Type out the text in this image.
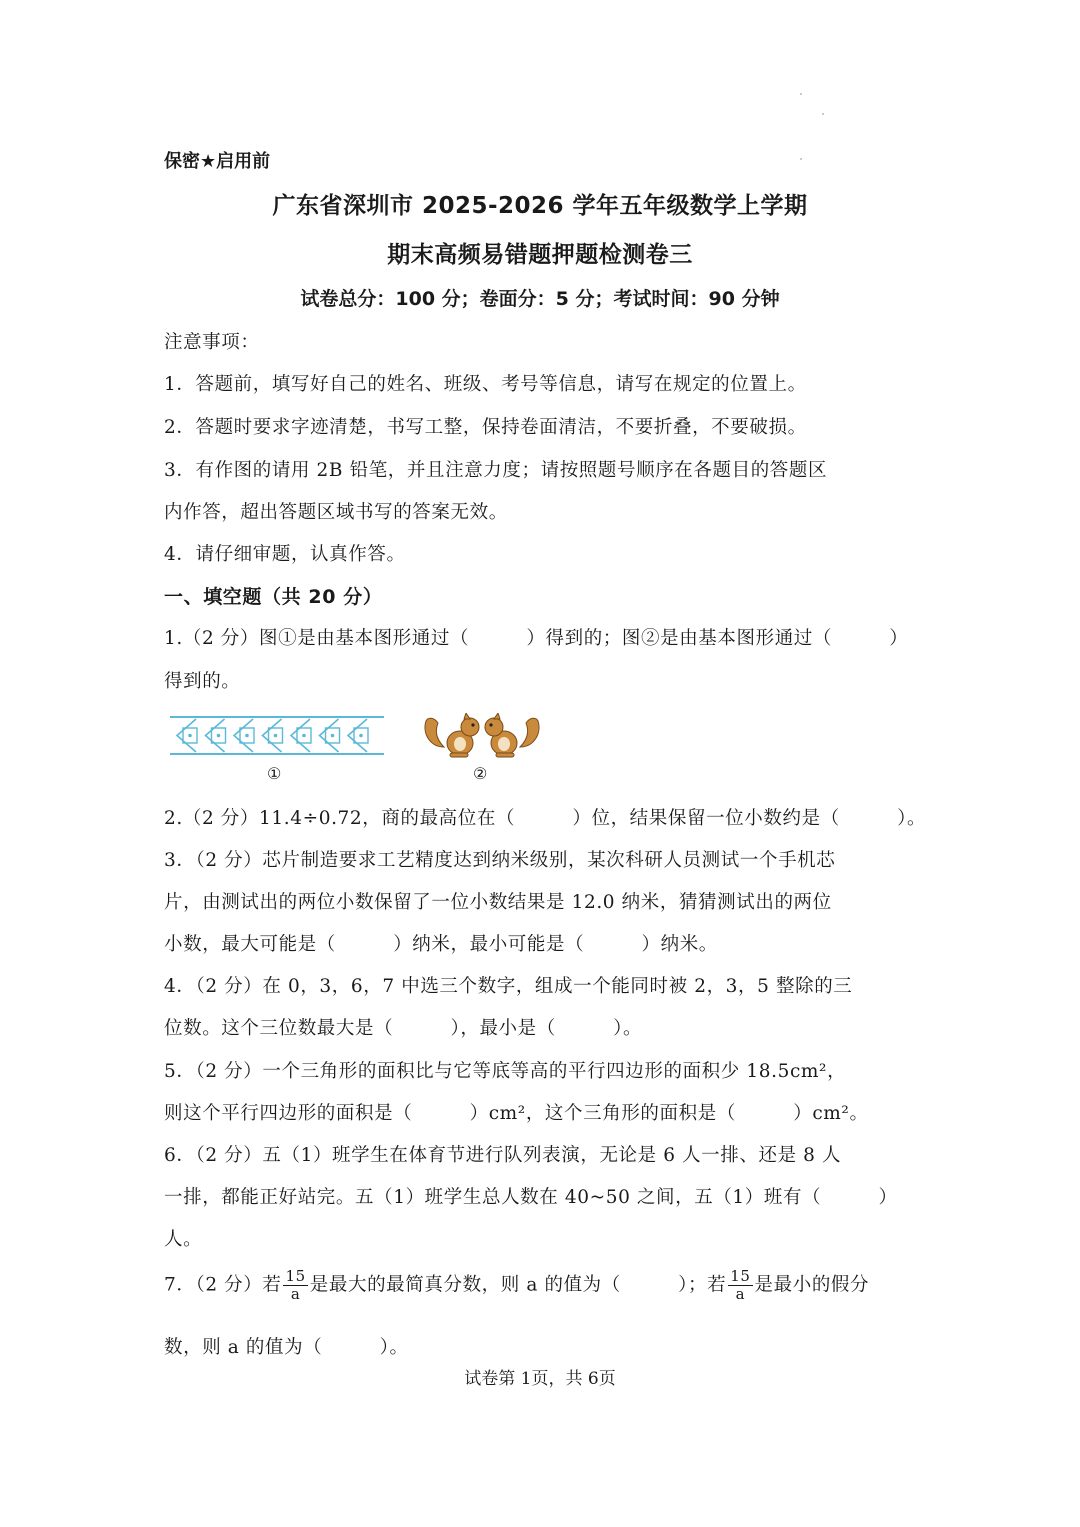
保密★启用前
广东省深圳市 2025-2026 学年五年级数学上学期
期末高频易错题押题检测卷三
试卷总分：100 分；卷面分：5 分；考试时间：90 分钟
注意事项：
1．答题前，填写好自己的姓名、班级、考号等信息，请写在规定的位置上。
2．答题时要求字迹清楚，书写工整，保持卷面清洁，不要折叠，不要破损。
3．有作图的请用 2B 铅笔，并且注意力度；请按照题号顺序在各题目的答题区
内作答，超出答题区域书写的答案无效。
4．请仔细审题，认真作答。
一、填空题（共 20 分）
1.（2 分）图①是由基本图形通过（　　　）得到的；图②是由基本图形通过（　　　）
得到的。
①	②
2.（2 分）11.4÷0.72，商的最高位在（　　　）位，结果保留一位小数约是（　　　）。
3．（2 分）芯片制造要求工艺精度达到纳米级别，某次科研人员测试一个手机芯
片，由测试出的两位小数保留了一位小数结果是 12.0 纳米，猜猜测试出的两位
小数，最大可能是（　　　）纳米，最小可能是（　　　）纳米。
4．（2 分）在 0，3，6，7 中选三个数字，组成一个能同时被 2，3，5 整除的三
位数。这个三位数最大是（　　　），最小是（　　　）。
5．（2 分）一个三角形的面积比与它等底等高的平行四边形的面积少 18.5cm²，
则这个平行四边形的面积是（　　　）cm²，这个三角形的面积是（　　　）cm²。
6．（2 分）五（1）班学生在体育节进行队列表演，无论是 6 人一排、还是 8 人
一排，都能正好站完。五（1）班学生总人数在 40~50 之间，五（1）班有（　　　）
人。
7．（2 分）若 $\frac{15}{a}$ 是最大的最简真分数，则 a 的值为（　　　）；若 $\frac{15}{a}$ 是最小的假分
数，则 a 的值为（　　　）。
试卷第 1页，共 6页
